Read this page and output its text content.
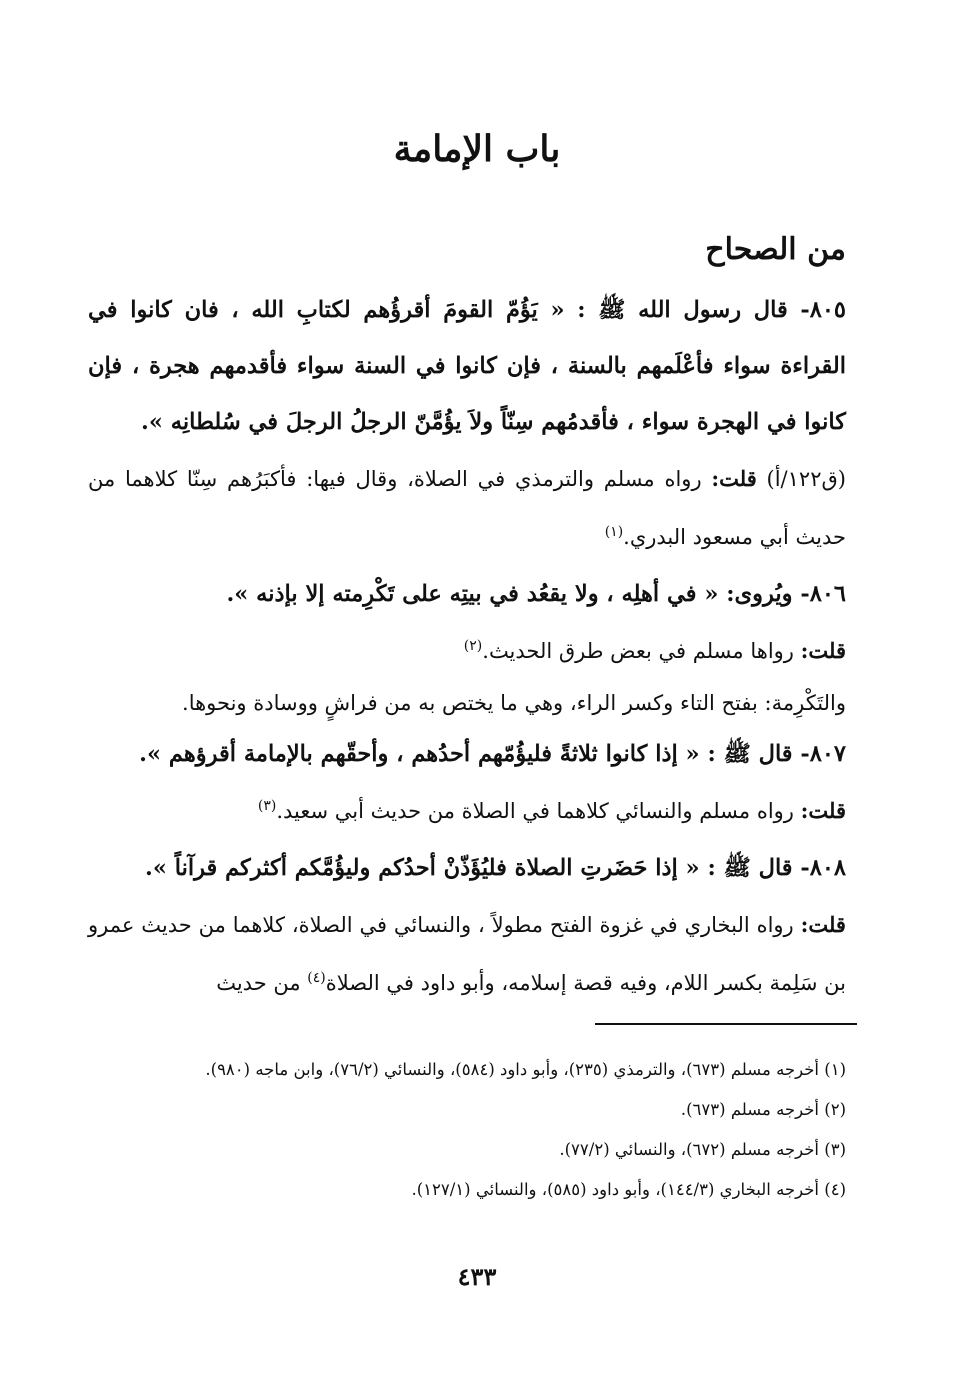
باب الإمامة
من الصحاح

٨٠٥- قال رسول الله ﷺ : « يَؤُمّ القومَ أقرؤُهم لكتابِ الله ، فان كانوا في القراءة سواء فأعْلَمهم بالسنة ، فإن كانوا في السنة سواء فأقدمهم هجرة ، فإن كانوا في الهجرة سواء ، فأقدمُهم سِنّاً ولاَ يؤُمَّنّ الرجلُ الرجلَ في سُلطانِه ».

(ق١٢٢/أ) قلت: رواه مسلم والترمذي في الصلاة، وقال فيها: فأكبَرُهم سِنّا كلاهما من حديث أبي مسعود البدري.$^{(١)}$

٨٠٦- ويُروى: « في أهلِه ، ولا يقعُد في بيتِه على تَكْرِمته إلا بإذنه ».

قلت: رواها مسلم في بعض طرق الحديث.$^{(٢)}$

والتَكْرِمة: بفتح التاء وكسر الراء، وهي ما يختص به من فراشٍ ووسادة ونحوها.

٨٠٧- قال ﷺ : « إذا كانوا ثلاثةً فليؤُمّهم أحدُهم ، وأحقّهم بالإمامة أقرؤهم ».

قلت: رواه مسلم والنسائي كلاهما في الصلاة من حديث أبي سعيد.$^{(٣)}$

٨٠٨- قال ﷺ : « إذا حَضَرتِ الصلاة فليُؤَذّنْ أحدُكم وليؤُمَّكم أكثركم قرآناً ».

قلت: رواه البخاري في غزوة الفتح مطولاً ، والنسائي في الصلاة، كلاهما من حديث عمرو بن سَلِمة بكسر اللام، وفيه قصة إسلامه، وأبو داود في الصلاة$^{(٤)}$ من حديث

(١) أخرجه مسلم (٦٧٣)، والترمذي (٢٣٥)، وأبو داود (٥٨٤)، والنسائي (٧٦/٢)، وابن ماجه (٩٨٠).

(٢) أخرجه مسلم (٦٧٣).

(٣) أخرجه مسلم (٦٧٢)، والنسائي (٧٧/٢).

(٤) أخرجه البخاري (١٤٤/٣)، وأبو داود (٥٨٥)، والنسائي (١٢٧/١).

٤٣٣
